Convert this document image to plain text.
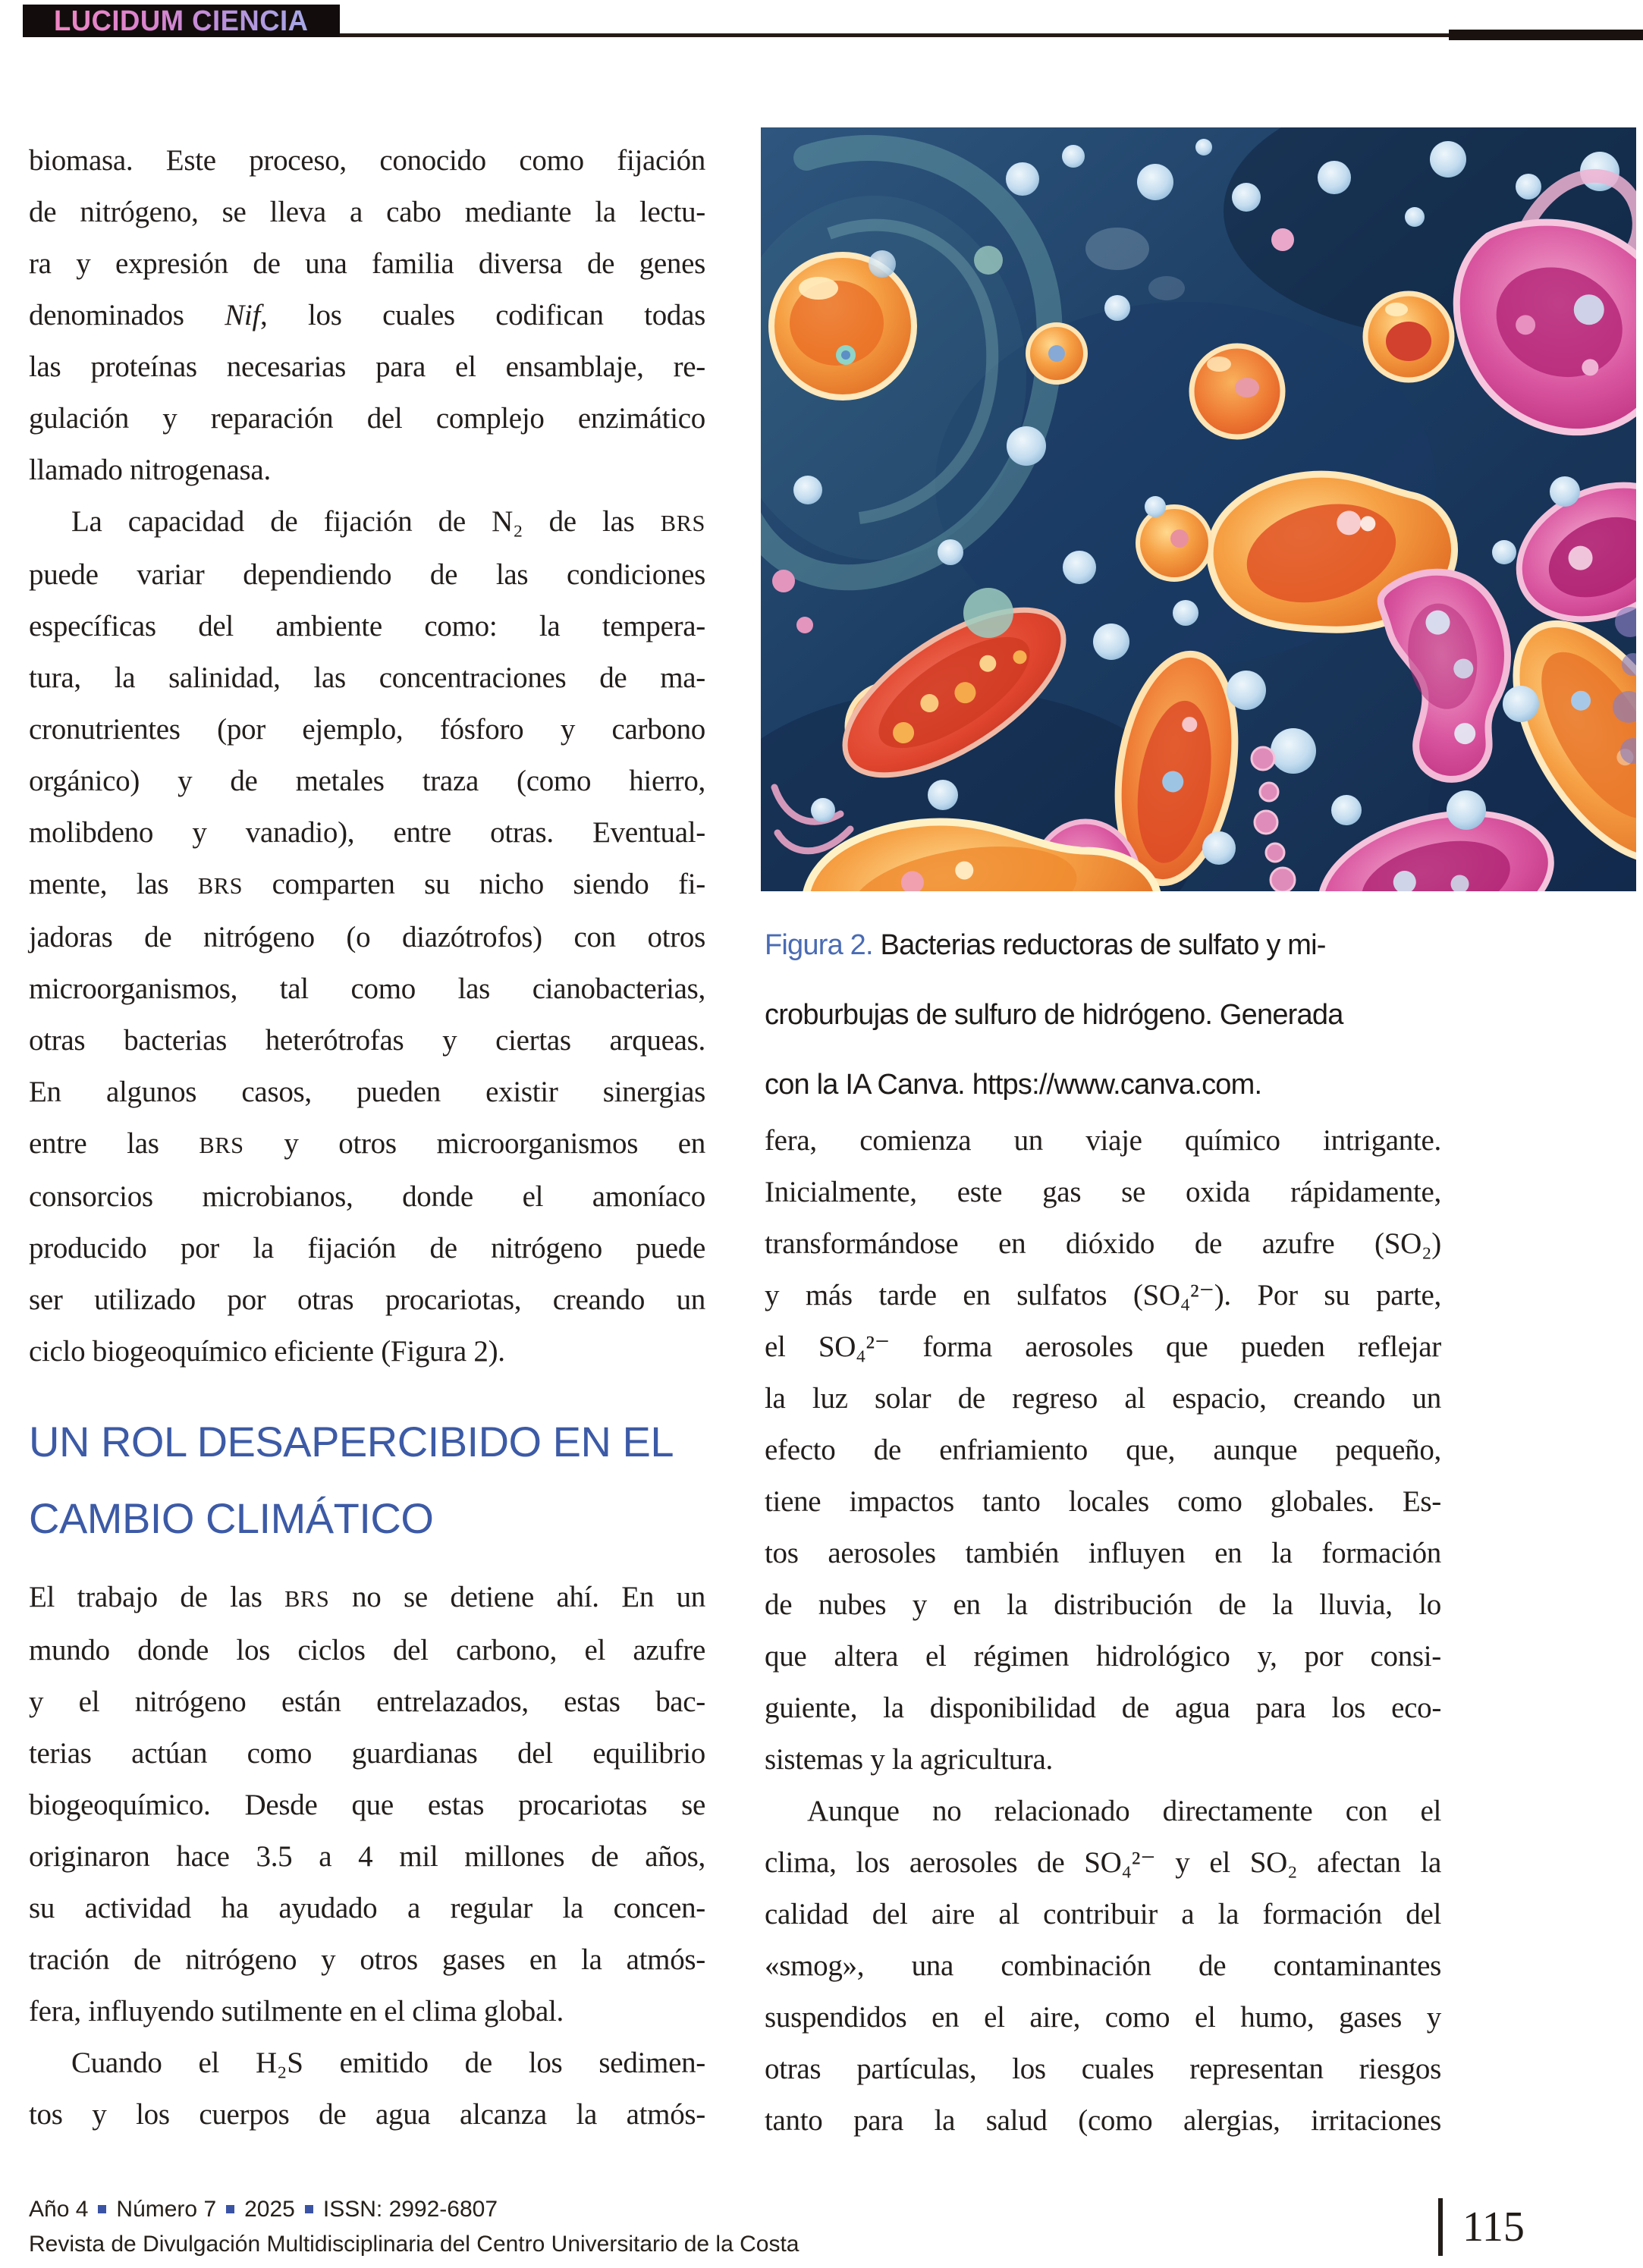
LUCIDUM CIENCIA
biomasa. Este proceso, conocido como fijación
de nitrógeno, se lleva a cabo mediante la lectu-
ra y expresión de una familia diversa de genes
denominados Nif, los cuales codifican todas
las proteínas necesarias para el ensamblaje, re-
gulación y reparación del complejo enzimático
llamado nitrogenasa.
La capacidad de fijación de N₂ de las BRS
puede variar dependiendo de las condiciones
específicas del ambiente como: la tempera-
tura, la salinidad, las concentraciones de ma-
cronutrientes (por ejemplo, fósforo y carbono
orgánico) y de metales traza (como hierro,
molibdeno y vanadio), entre otras. Eventual-
mente, las BRS comparten su nicho siendo fi-
jadoras de nitrógeno (o diazótrofos) con otros
microorganismos, tal como las cianobacterias,
otras bacterias heterótrofas y ciertas arqueas.
En algunos casos, pueden existir sinergias
entre las BRS y otros microorganismos en
consorcios microbianos, donde el amoníaco
producido por la fijación de nitrógeno puede
ser utilizado por otras procariotas, creando un
ciclo biogeoquímico eficiente (Figura 2).
UN ROL DESAPERCIBIDO EN EL
CAMBIO CLIMÁTICO
El trabajo de las BRS no se detiene ahí. En un
mundo donde los ciclos del carbono, el azufre
y el nitrógeno están entrelazados, estas bac-
terias actúan como guardianas del equilibrio
biogeoquímico. Desde que estas procariotas se
originaron hace 3.5 a 4 mil millones de años,
su actividad ha ayudado a regular la concen-
tración de nitrógeno y otros gases en la atmós-
fera, influyendo sutilmente en el clima global.
Cuando el H₂S emitido de los sedimen-
tos y los cuerpos de agua alcanza la atmós-
Figura 2. Bacterias reductoras de sulfato y mi-
croburbujas de sulfuro de hidrógeno. Generada
con la IA Canva. https://www.canva.com.
fera, comienza un viaje químico intrigante.
Inicialmente, este gas se oxida rápidamente,
transformándose en dióxido de azufre (SO₂)
y más tarde en sulfatos (SO₄²⁻). Por su parte,
el SO₄²⁻ forma aerosoles que pueden reflejar
la luz solar de regreso al espacio, creando un
efecto de enfriamiento que, aunque pequeño,
tiene impactos tanto locales como globales. Es-
tos aerosoles también influyen en la formación
de nubes y en la distribución de la lluvia, lo
que altera el régimen hidrológico y, por consi-
guiente, la disponibilidad de agua para los eco-
sistemas y la agricultura.
Aunque no relacionado directamente con el
clima, los aerosoles de SO₄²⁻ y el SO₂ afectan la
calidad del aire al contribuir a la formación del
«smog», una combinación de contaminantes
suspendidos en el aire, como el humo, gases y
otras partículas, los cuales representan riesgos
tanto para la salud (como alergias, irritaciones
Año 4 Número 7 2025 ISSN: 2992-6807
Revista de Divulgación Multidisciplinaria del Centro Universitario de la Costa	115
